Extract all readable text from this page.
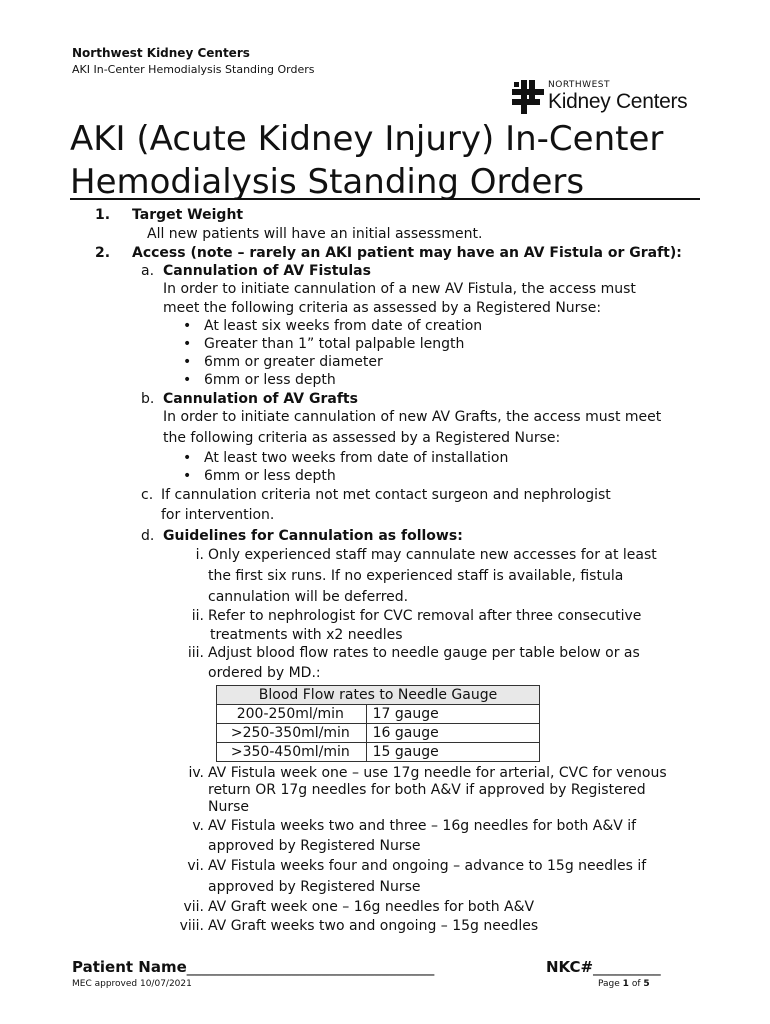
Northwest Kidney Centers
AKI In-Center Hemodialysis Standing Orders
NORTHWEST
Kidney Centers
AKI (Acute Kidney Injury) In-Center Hemodialysis Standing Orders
1. Target Weight
All new patients will have an initial assessment.
2. Access (note – rarely an AKI patient may have an AV Fistula or Graft):
a. Cannulation of AV Fistulas
In order to initiate cannulation of a new AV Fistula, the access must
meet the following criteria as assessed by a Registered Nurse:
• At least six weeks from date of creation
• Greater than 1” total palpable length
• 6mm or greater diameter
• 6mm or less depth
b. Cannulation of AV Grafts
In order to initiate cannulation of new AV Grafts, the access must meet
the following criteria as assessed by a Registered Nurse:
• At least two weeks from date of installation
• 6mm or less depth
c. If cannulation criteria not met contact surgeon and nephrologist
for intervention.
d. Guidelines for Cannulation as follows:
i. Only experienced staff may cannulate new accesses for at least
the first six runs. If no experienced staff is available, fistula
cannulation will be deferred.
ii. Refer to nephrologist for CVC removal after three consecutive
treatments with x2 needles
iii. Adjust blood flow rates to needle gauge per table below or as
ordered by MD.:
Blood Flow rates to Needle Gauge	
200-250ml/min	17 gauge
>250-350ml/min	16 gauge
>350-450ml/min	15 gauge
iv. AV Fistula week one – use 17g needle for arterial, CVC for venous
return OR 17g needles for both A&V if approved by Registered
Nurse
v. AV Fistula weeks two and three – 16g needles for both A&V if
approved by Registered Nurse
vi. AV Fistula weeks four and ongoing – advance to 15g needles if
approved by Registered Nurse
vii. AV Graft week one – 16g needles for both A&V
viii. AV Graft weeks two and ongoing – 15g needles
Patient Name_________________________________	NKC#_________
MEC approved 10/07/2021	Page 1 of 5
